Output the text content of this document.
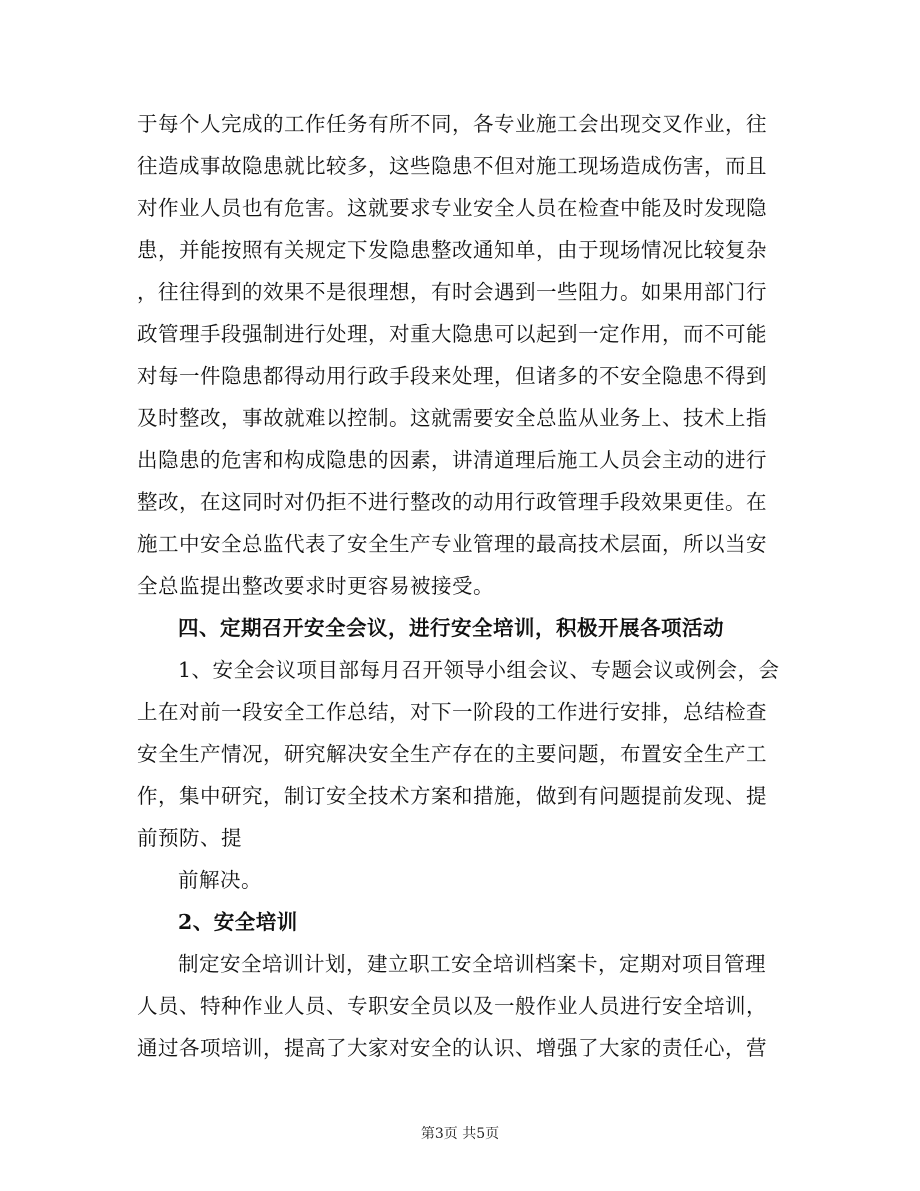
于每个人完成的工作任务有所不同，各专业施工会出现交叉作业，往
往造成事故隐患就比较多，这些隐患不但对施工现场造成伤害，而且
对作业人员也有危害。这就要求专业安全人员在检查中能及时发现隐
患，并能按照有关规定下发隐患整改通知单，由于现场情况比较复杂
，往往得到的效果不是很理想，有时会遇到一些阻力。如果用部门行
政管理手段强制进行处理，对重大隐患可以起到一定作用，而不可能
对每一件隐患都得动用行政手段来处理，但诸多的不安全隐患不得到
及时整改，事故就难以控制。这就需要安全总监从业务上、技术上指
出隐患的危害和构成隐患的因素，讲清道理后施工人员会主动的进行
整改，在这同时对仍拒不进行整改的动用行政管理手段效果更佳。在
施工中安全总监代表了安全生产专业管理的最高技术层面，所以当安
全总监提出整改要求时更容易被接受。
四、定期召开安全会议，进行安全培训，积极开展各项活动
1、安全会议项目部每月召开领导小组会议、专题会议或例会，会
上在对前一段安全工作总结，对下一阶段的工作进行安排，总结检查
安全生产情况，研究解决安全生产存在的主要问题，布置安全生产工
作，集中研究，制订安全技术方案和措施，做到有问题提前发现、提
前预防、提
前解决。
2、安全培训
制定安全培训计划，建立职工安全培训档案卡，定期对项目管理
人员、特种作业人员、专职安全员以及一般作业人员进行安全培训，
通过各项培训，提高了大家对安全的认识、增强了大家的责任心，营
第3页 共5页
